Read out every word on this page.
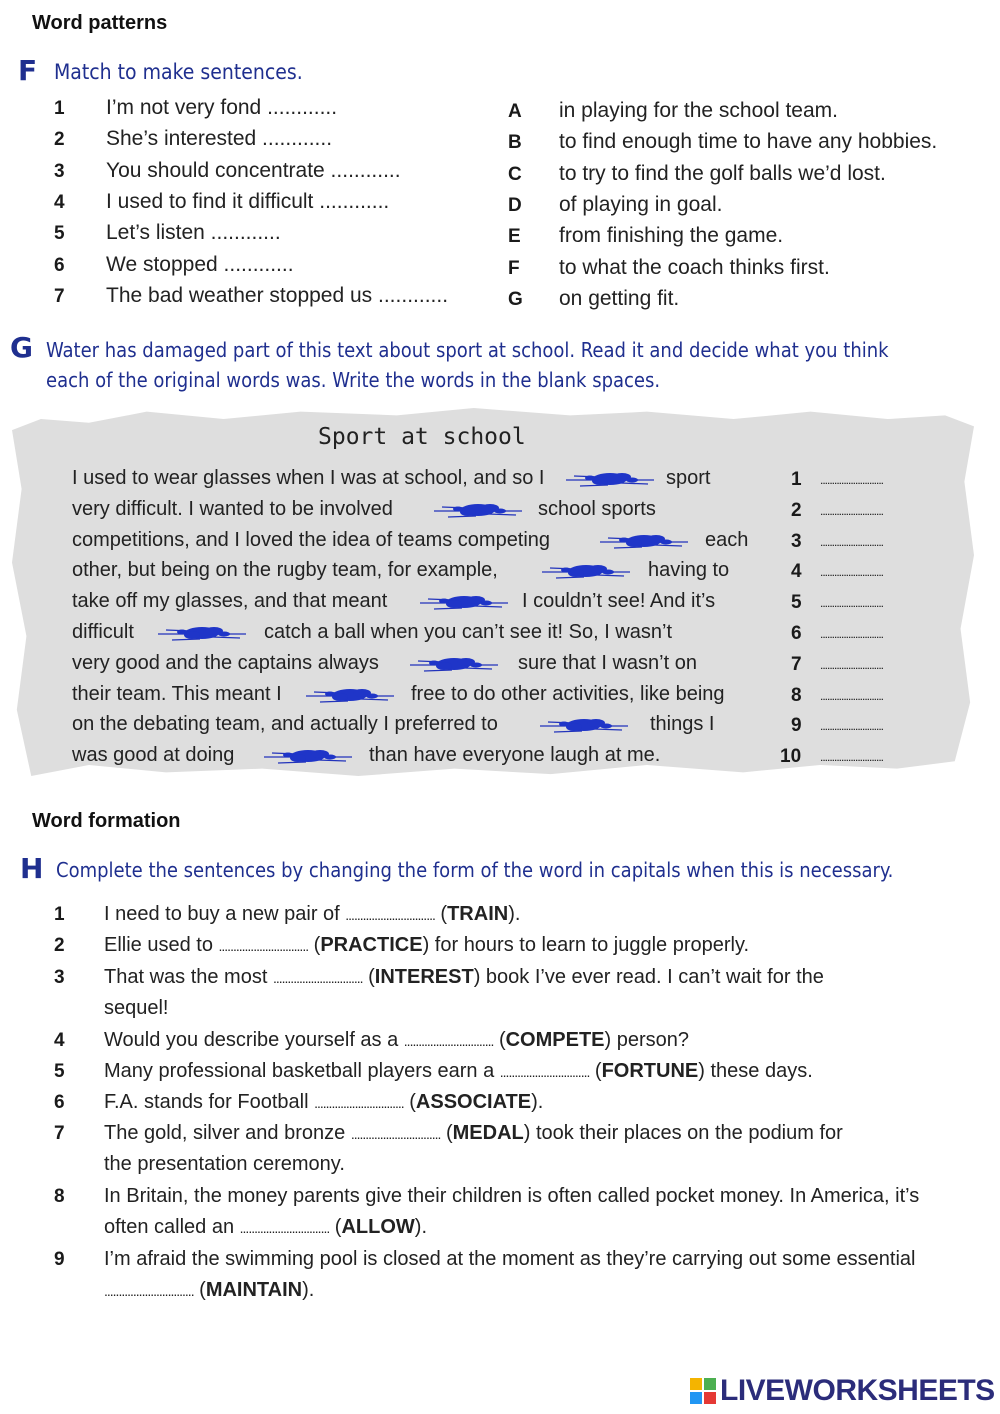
Word patterns
F Match to make sentences.
1 I’m not very fond ............
2 She’s interested ............
3 You should concentrate ............
4 I used to find it difficult ............
5 Let’s listen ............
6 We stopped ............
7 The bad weather stopped us ............
A in playing for the school team.
B to find enough time to have any hobbies.
C to try to find the golf balls we’d lost.
D of playing in goal.
E from finishing the game.
F to what the coach thinks first.
G on getting fit.
G Water has damaged part of this text about sport at school. Read it and decide what you think
each of the original words was. Write the words in the blank spaces.
Sport at school
I used to wear glasses when I was at school, and so I	sport
very difficult. I wanted to be involved	school sports
competitions, and I loved the idea of teams competing	each
other, but being on the rugby team, for example,	having to
take off my glasses, and that meant	I couldn’t see! And it’s
difficult	catch a ball when you can’t see it! So, I wasn’t
very good and the captains always	sure that I wasn’t on
their team. This meant I	free to do other activities, like being
on the debating team, and actually I preferred to	things I
was good at doing	than have everyone laugh at me.
1 ...........................
2 ...........................
3 ...........................
4 ...........................
5 ...........................
6 ...........................
7 ...........................
8 ...........................
9 ...........................
10 ...........................
Word formation
H Complete the sentences by changing the form of the word in capitals when this is necessary.
1 I need to buy a new pair of ............................... (TRAIN).
2 Ellie used to ............................... (PRACTICE) for hours to learn to juggle properly.
3 That was the most ............................... (INTEREST) book I’ve ever read. I can’t wait for the
sequel!
4 Would you describe yourself as a ............................... (COMPETE) person?
5 Many professional basketball players earn a ............................... (FORTUNE) these days.
6 F.A. stands for Football ............................... (ASSOCIATE).
7 The gold, silver and bronze ............................... (MEDAL) took their places on the podium for
the presentation ceremony.
8 In Britain, the money parents give their children is often called pocket money. In America, it’s
often called an ............................... (ALLOW).
9 I’m afraid the swimming pool is closed at the moment as they’re carrying out some essential
............................... (MAINTAIN).
LIVEWORKSHEETS
